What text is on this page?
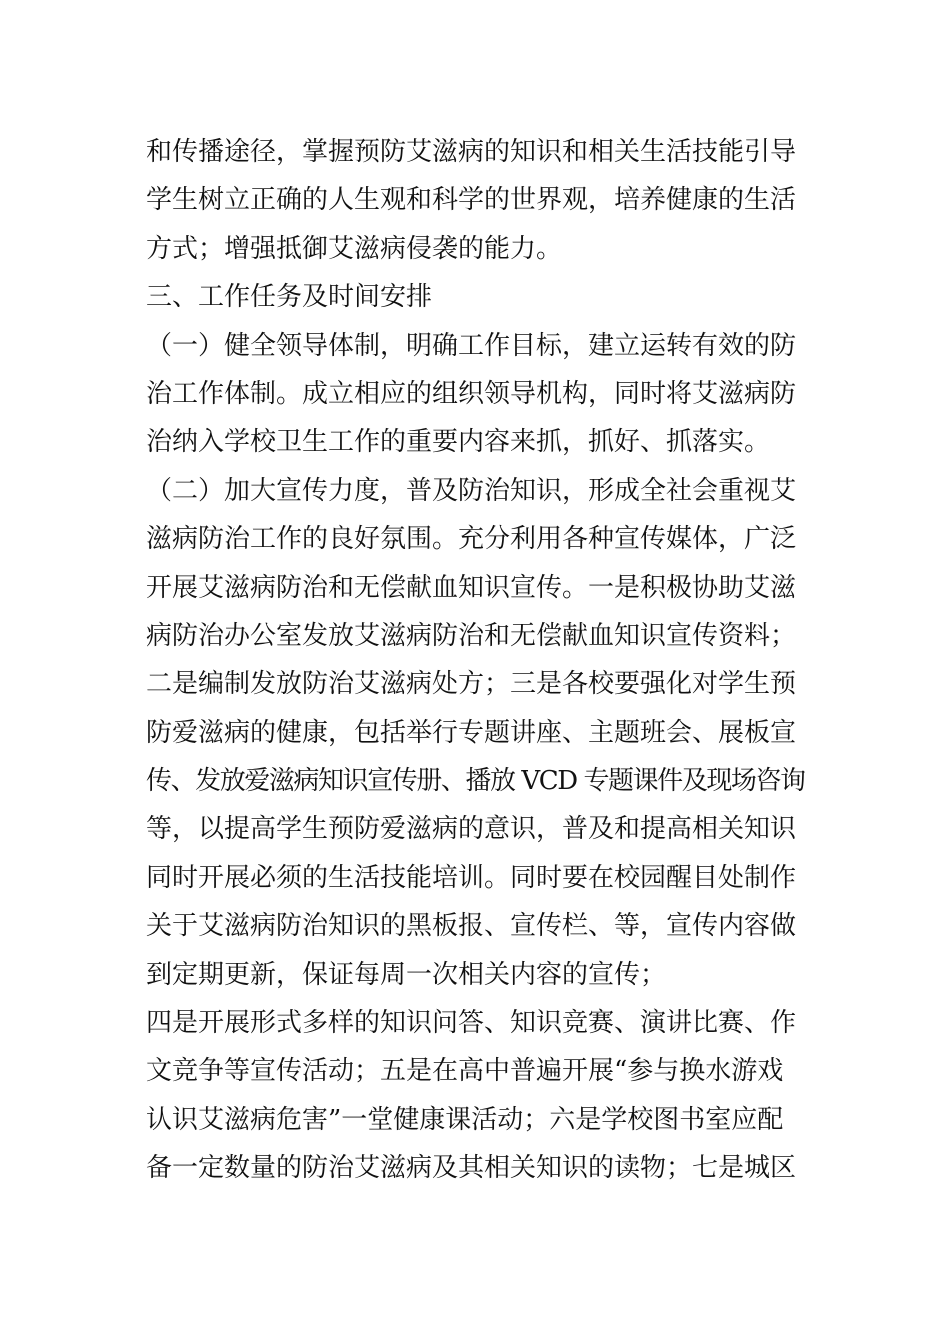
和传播途径，掌握预防艾滋病的知识和相关生活技能引导
学生树立正确的人生观和科学的世界观，培养健康的生活
方式；增强抵御艾滋病侵袭的能力。
三、工作任务及时间安排
（一）健全领导体制，明确工作目标，建立运转有效的防
治工作体制。成立相应的组织领导机构，同时将艾滋病防
治纳入学校卫生工作的重要内容来抓，抓好、抓落实。
（二）加大宣传力度，普及防治知识，形成全社会重视艾
滋病防治工作的良好氛围。充分利用各种宣传媒体，广泛
开展艾滋病防治和无偿献血知识宣传。一是积极协助艾滋
病防治办公室发放艾滋病防治和无偿献血知识宣传资料；
二是编制发放防治艾滋病处方；三是各校要强化对学生预
防爱滋病的健康，包括举行专题讲座、主题班会、展板宣
传、发放爱滋病知识宣传册、播放 VCD 专题课件及现场咨询
等，以提高学生预防爱滋病的意识，普及和提高相关知识
同时开展必须的生活技能培训。同时要在校园醒目处制作
关于艾滋病防治知识的黑板报、宣传栏、等，宣传内容做
到定期更新，保证每周一次相关内容的宣传；
四是开展形式多样的知识问答、知识竞赛、演讲比赛、作
文竞争等宣传活动；五是在高中普遍开展“参与换水游戏
认识艾滋病危害”一堂健康课活动；六是学校图书室应配
备一定数量的防治艾滋病及其相关知识的读物；七是城区
